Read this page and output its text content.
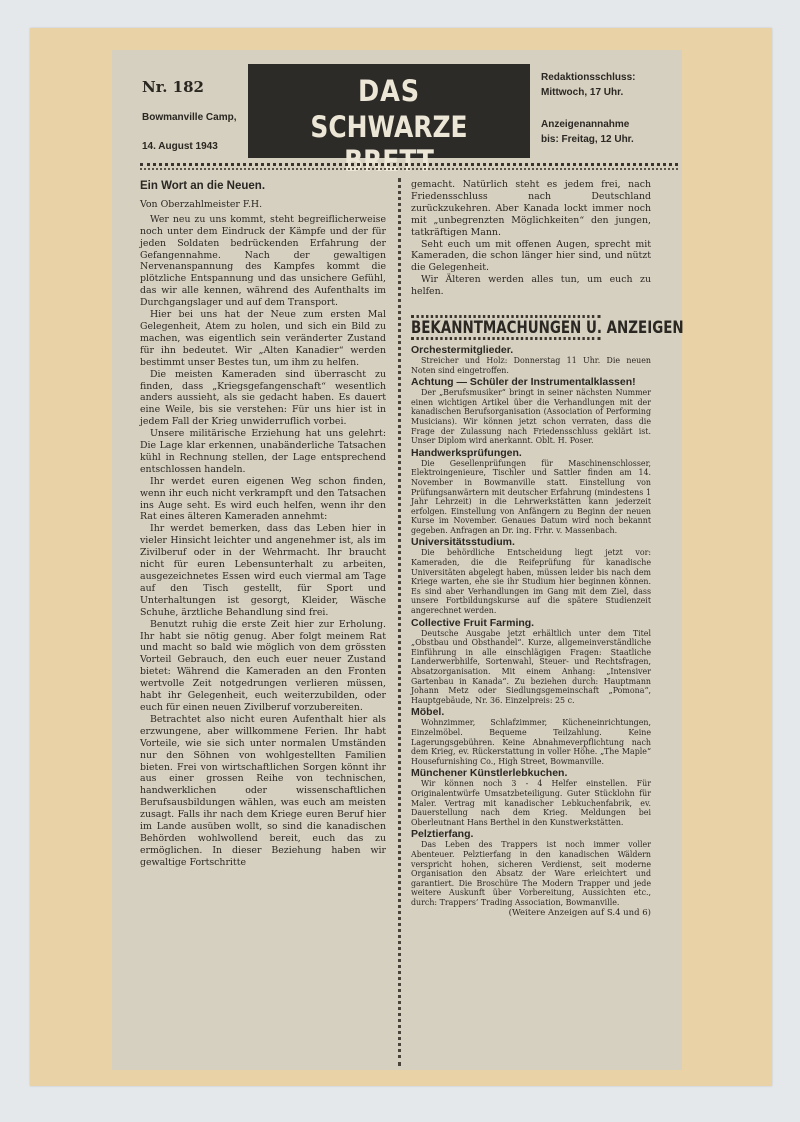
Nr. 182
Bowmanville Camp,
14. August 1943
DAS
SCHWARZE BRETT
Redaktionsschluss:
Mittwoch, 17 Uhr.
Anzeigenannahme
bis: Freitag, 12 Uhr.
Ein Wort an die Neuen.
Von Oberzahlmeister F.H.

Wer neu zu uns kommt, steht begreiflicherweise noch unter dem Eindruck der Kämpfe und der für jeden Soldaten bedrückenden Erfahrung der Gefangennahme. Nach der gewaltigen Nervenanspannung des Kampfes kommt die plötzliche Entspannung und das unsichere Gefühl, das wir alle kennen, während des Aufenthalts im Durchgangslager und auf dem Transport.

Hier bei uns hat der Neue zum ersten Mal Gelegenheit, Atem zu holen, und sich ein Bild zu machen, was eigentlich sein veränderter Zustand für ihn bedeutet. Wir „Alten Kanadier“ werden bestimmt unser Bestes tun, um ihm zu helfen.

Die meisten Kameraden sind überrascht zu finden, dass „Kriegsgefangenschaft“ wesentlich anders aussieht, als sie gedacht haben. Es dauert eine Weile, bis sie verstehen: Für uns hier ist in jedem Fall der Krieg unwiderruflich vorbei.

Unsere militärische Erziehung hat uns gelehrt: Die Lage klar erkennen, unabänderliche Tatsachen kühl in Rechnung stellen, der Lage entsprechend entschlossen handeln.

Ihr werdet euren eigenen Weg schon finden, wenn ihr euch nicht verkrampft und den Tatsachen ins Auge seht. Es wird euch helfen, wenn ihr den Rat eines älteren Kameraden annehmt:

Ihr werdet bemerken, dass das Leben hier in vieler Hinsicht leichter und angenehmer ist, als im Zivilberuf oder in der Wehrmacht. Ihr braucht nicht für euren Lebensunterhalt zu arbeiten, ausgezeichnetes Essen wird euch viermal am Tage auf den Tisch gestellt, für Sport und Unterhaltungen ist gesorgt, Kleider, Wäsche Schuhe, ärztliche Behandlung sind frei.

Benutzt ruhig die erste Zeit hier zur Erholung. Ihr habt sie nötig genug. Aber folgt meinem Rat und macht so bald wie möglich von dem grössten Vorteil Gebrauch, den euch euer neuer Zustand bietet: Während die Kameraden an den Fronten wertvolle Zeit notgedrungen verlieren müssen, habt ihr Gelegenheit, euch weiterzubilden, oder euch für einen neuen Zivilberuf vorzubereiten.

Betrachtet also nicht euren Aufenthalt hier als erzwungene, aber willkommene Ferien. Ihr habt Vorteile, wie sie sich unter normalen Umständen nur den Söhnen von wohlgestellten Familien bieten. Frei von wirtschaftlichen Sorgen könnt ihr aus einer grossen Reihe von technischen, handwerklichen oder wissenschaftlichen Berufsausbildungen wählen, was euch am meisten zusagt. Falls ihr nach dem Kriege euren Beruf hier im Lande ausüben wollt, so sind die kanadischen Behörden wohlwollend bereit, euch das zu ermöglichen. In dieser Beziehung haben wir gewaltige Fortschritte

gemacht. Natürlich steht es jedem frei, nach Friedensschluss nach Deutschland zurückzukehren. Aber Kanada lockt immer noch mit „unbegrenzten Möglichkeiten“ den jungen, tatkräftigen Mann.

Seht euch um mit offenen Augen, sprecht mit Kameraden, die schon länger hier sind, und nützt die Gelegenheit.

Wir Älteren werden alles tun, um euch zu helfen.

BEKANNTMACHUNGEN U. ANZEIGEN
Orchestermitglieder.
Streicher und Holz: Donnerstag 11 Uhr. Die neuen Noten sind eingetroffen.
Achtung — Schüler der Instrumentalklassen!
Der „Berufsmusiker“ bringt in seiner nächsten Nummer einen wichtigen Artikel über die Verhandlungen mit der kanadischen Berufsorganisation (Association of Performing Musicians). Wir können jetzt schon verraten, dass die Frage der Zulassung nach Friedensschluss geklärt ist. Unser Diplom wird anerkannt. Oblt. H. Poser.
Handwerksprüfungen.
Die Gesellenprüfungen für Maschinenschlosser, Elektroingenieure, Tischler und Sattler finden am 14. November in Bowmanville statt. Einstellung von Prüfungsanwärtern mit deutscher Erfahrung (mindestens 1 Jahr Lehrzeit) in die Lehrwerkstätten kann jederzeit erfolgen. Einstellung von Anfängern zu Beginn der neuen Kurse im November. Genaues Datum wird noch bekannt gegeben. Anfragen an Dr. ing. Frhr. v. Massenbach.
Universitätsstudium.
Die behördliche Entscheidung liegt jetzt vor: Kameraden, die die Reifeprüfung für kanadische Universitäten abgelegt haben, müssen leider bis nach dem Kriege warten, ehe sie ihr Studium hier beginnen können. Es sind aber Verhandlungen im Gang mit dem Ziel, dass unsere Fortbildungskurse auf die spätere Studienzeit angerechnet werden.
Collective Fruit Farming.
Deutsche Ausgabe jetzt erhältlich unter dem Titel „Obstbau und Obsthandel“. Kurze, allgemeinverständliche Einführung in alle einschlägigen Fragen: Staatliche Landerwerbhilfe, Sortenwahl, Steuer- und Rechtsfragen, Absatzorganisation. Mit einem Anhang: „Intensiver Gartenbau in Kanada“. Zu beziehen durch: Hauptmann Johann Metz oder Siedlungsgemeinschaft „Pomona“, Hauptgebäude, Nr. 36. Einzelpreis: 25 c.
Möbel.
Wohnzimmer, Schlafzimmer, Kücheneinrichtungen, Einzelmöbel. Bequeme Teilzahlung. Keine Lagerungsgebühren. Keine Abnahmeverpflichtung nach dem Krieg, ev. Rückerstattung in voller Höhe. „The Maple“ Housefurnishing Co., High Street, Bowmanville.
Münchener Künstlerlebkuchen.
Wir können noch 3 - 4 Helfer einstellen. Für Originalentwürfe Umsatzbeteiligung. Guter Stücklohn für Maler. Vertrag mit kanadischer Lebkuchenfabrik, ev. Dauerstellung nach dem Krieg. Meldungen bei Oberleutnant Hans Berthel in den Kunstwerkstätten.
Pelztierfang.
Das Leben des Trappers ist noch immer voller Abenteuer. Pelztierfang in den kanadischen Wäldern verspricht hohen, sicheren Verdienst, seit moderne Organisation den Absatz der Ware erleichtert und garantiert. Die Broschüre The Modern Trapper und jede weitere Auskunft über Vorbereitung, Aussichten etc., durch: Trappers’ Trading Association, Bowmanville.
(Weitere Anzeigen auf S.4 und 6)
